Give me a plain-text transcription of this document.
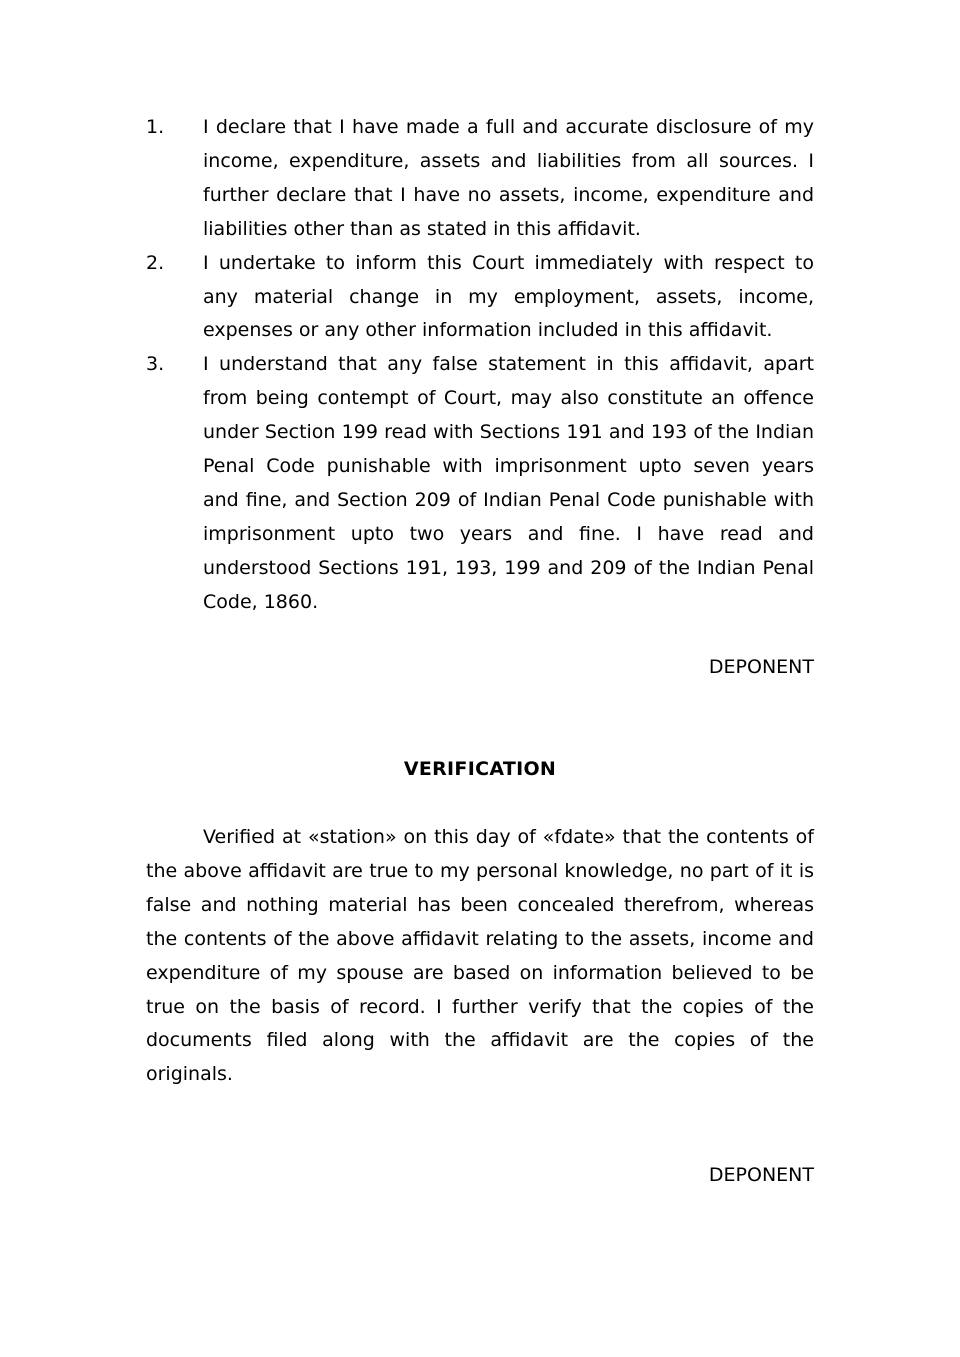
1.	I declare that I have made a full and accurate disclosure of my income, expenditure, assets and liabilities from all sources. I further declare that I have no assets, income, expenditure and liabilities other than as stated in this affidavit.
2.	I undertake to inform this Court immediately with respect to any material change in my employment, assets, income, expenses or any other information included in this affidavit.
3.	I understand that any false statement in this affidavit, apart from being contempt of Court, may also constitute an offence under Section 199 read with Sections 191 and 193 of the Indian Penal Code punishable with imprisonment upto seven years and fine, and Section 209 of Indian Penal Code punishable with imprisonment upto two years and fine. I have read and understood Sections 191, 193, 199 and 209 of the Indian Penal Code, 1860.
DEPONENT
VERIFICATION

Verified at «station» on this day of «fdate» that the contents of the above affidavit are true to my personal knowledge, no part of it is false and nothing material has been concealed therefrom, whereas the contents of the above affidavit relating to the assets, income and expenditure of my spouse are based on information believed to be true on the basis of record. I further verify that the copies of the documents filed along with the affidavit are the copies of the originals.

DEPONENT
